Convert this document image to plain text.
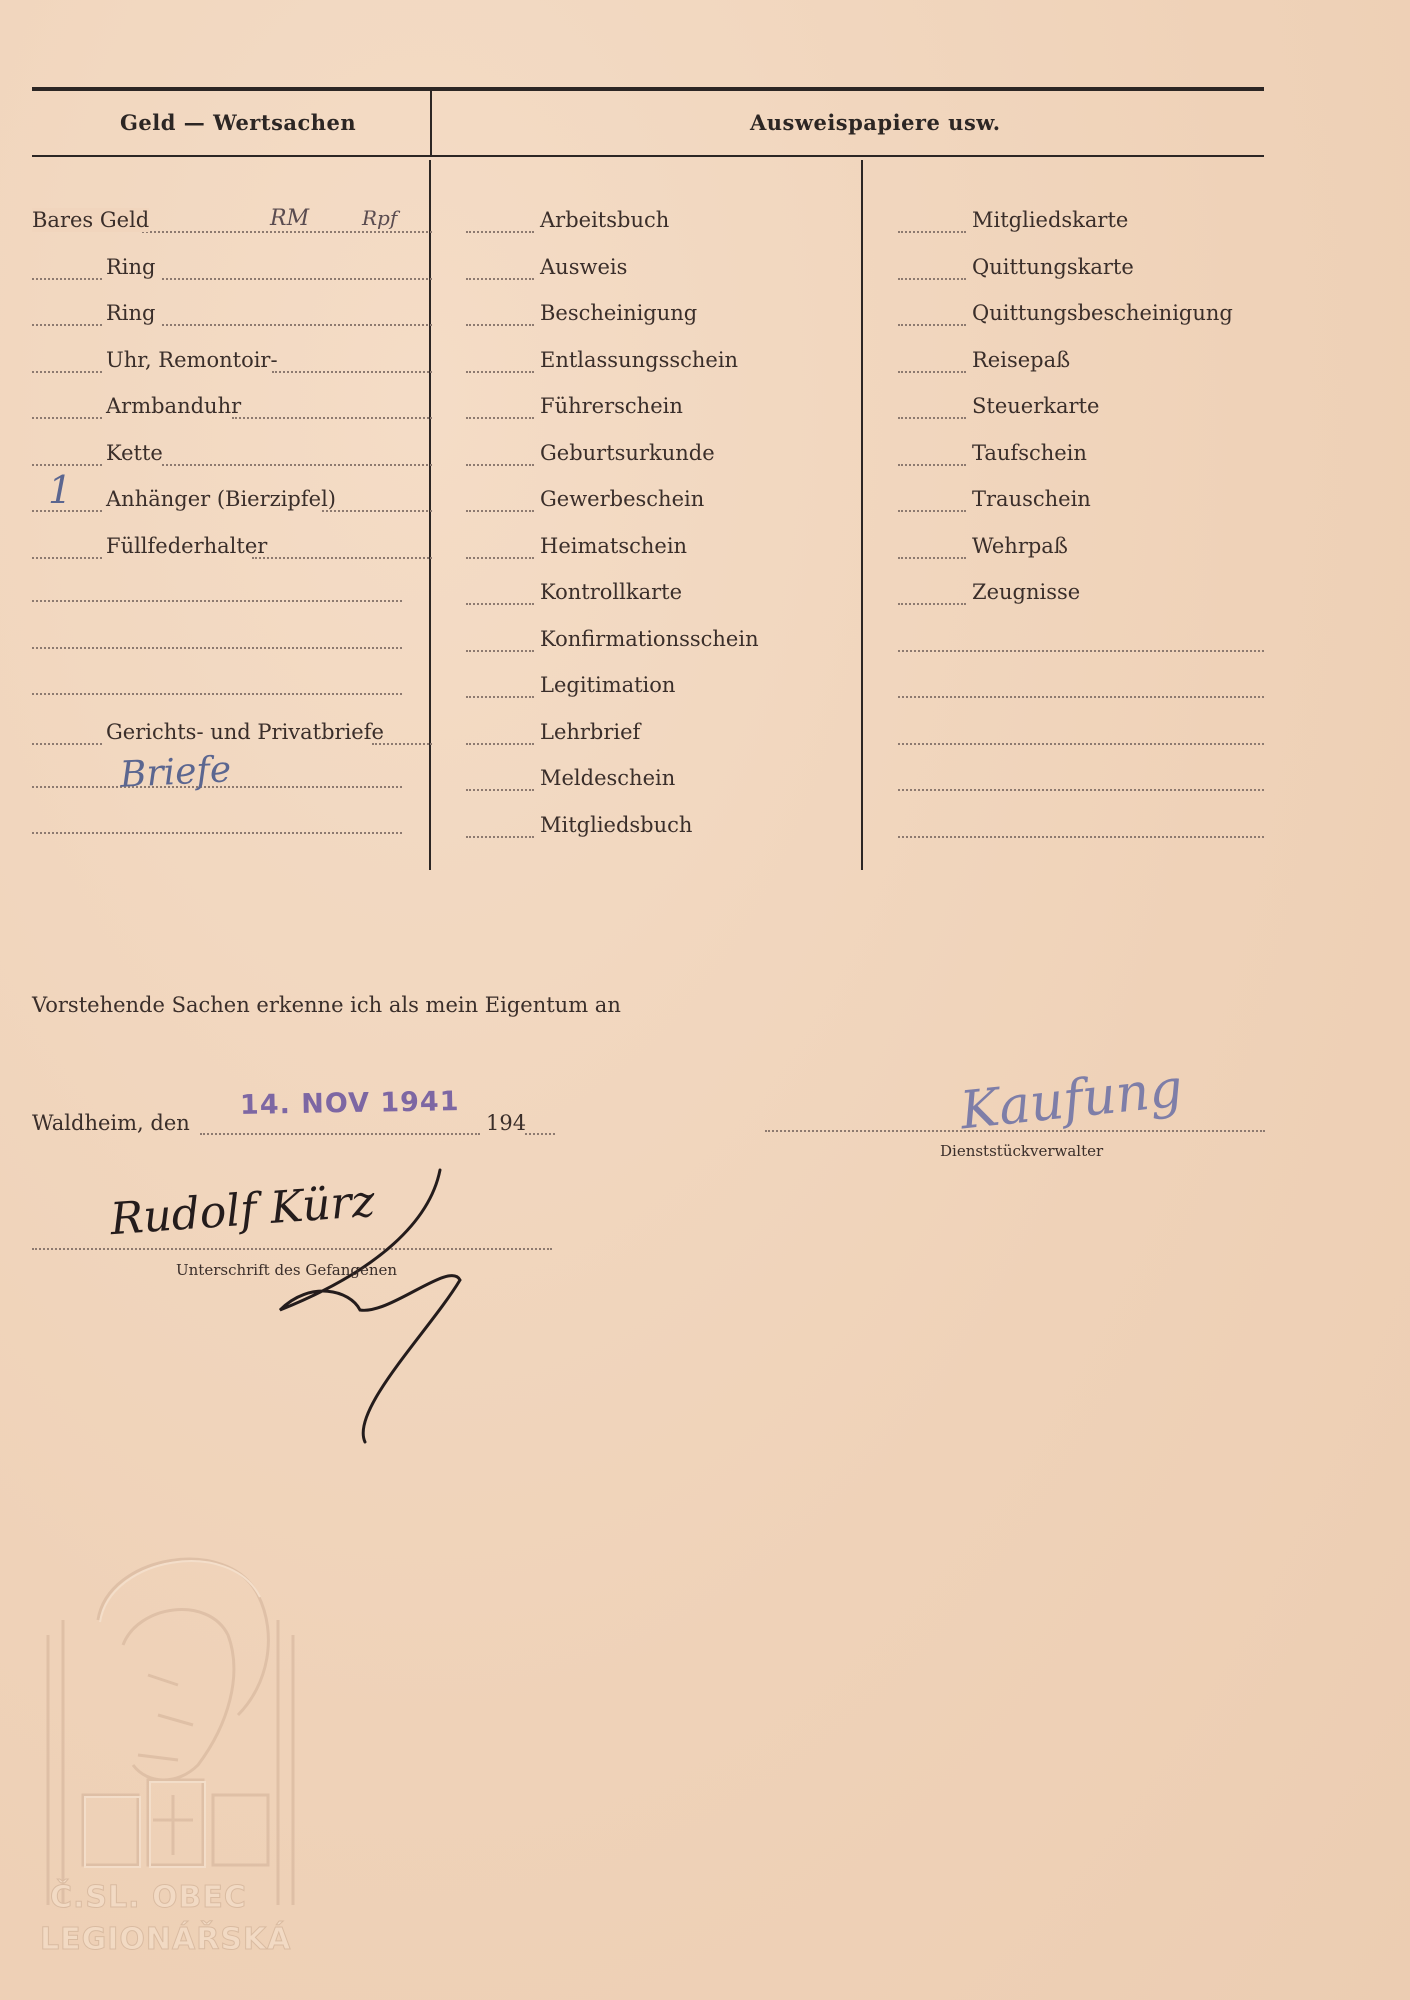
Geld — Wertsachen	Ausweispapiere usw.
Bares Geld	RM	Rpf
Ring
Ring
Uhr, Remontoir-
Armbanduhr
Kette
Anhänger (Bierzipfel)
1
Füllfederhalter
Gerichts- und Privatbriefe
Briefe
Arbeitsbuch
Ausweis
Bescheinigung
Entlassungsschein
Führerschein
Geburtsurkunde
Gewerbeschein
Heimatschein
Kontrollkarte
Konfirmationsschein
Legitimation
Lehrbrief
Meldeschein
Mitgliedsbuch
Mitgliedskarte
Quittungskarte
Quittungsbescheinigung
Reisepaß
Steuerkarte
Taufschein
Trauschein
Wehrpaß
Zeugnisse
Vorstehende Sachen erkenne ich als mein Eigentum an
Waldheim, den
14. NOV 1941
194	Kaufung
Dienststückverwalter
Rudolf Kürz
Unterschrift des Gefangenen
Č.SL. OBEC
LEGIONÁŘSKÁ
